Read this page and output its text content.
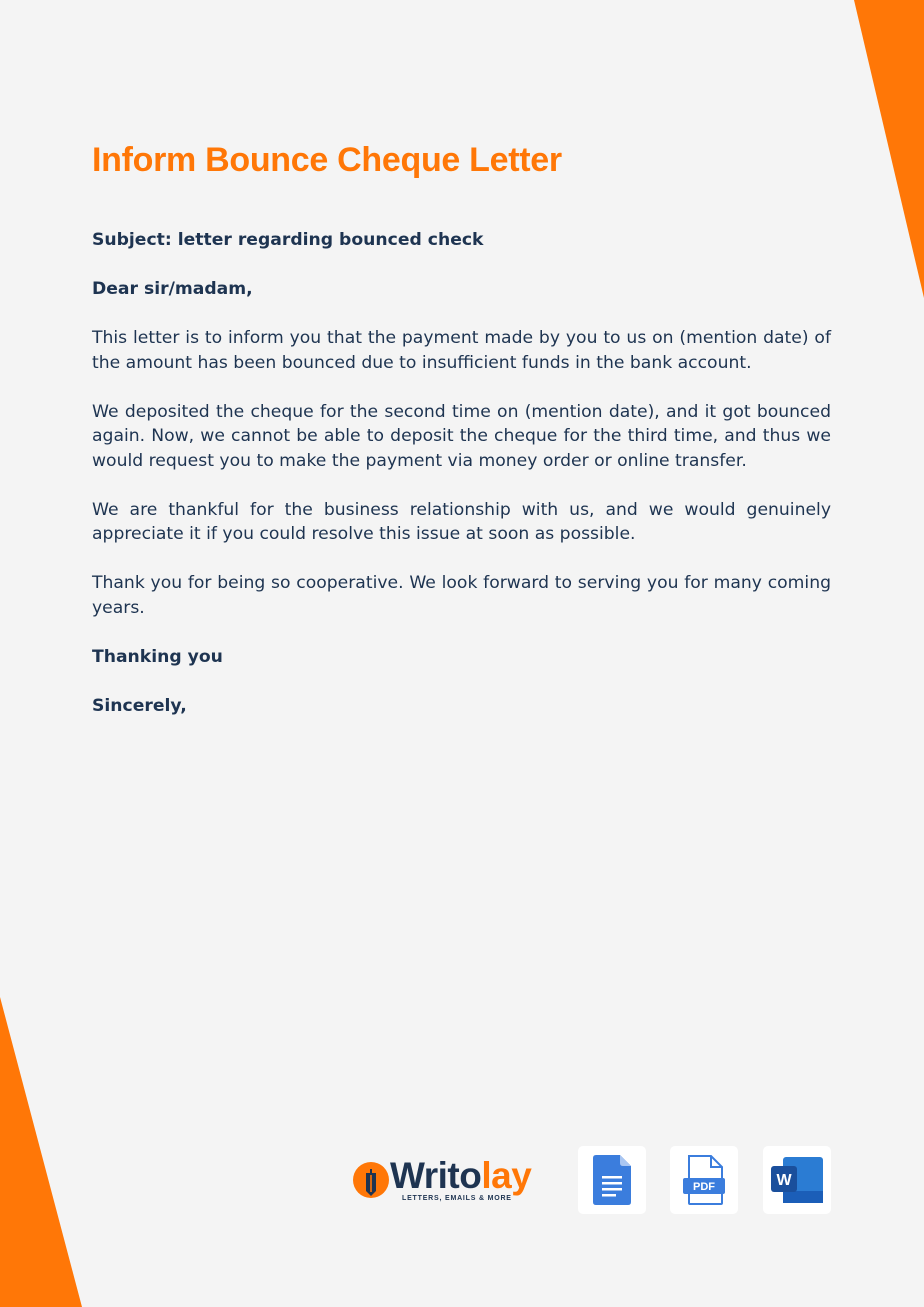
Inform Bounce Cheque Letter

Subject: letter regarding bounced check

Dear sir/madam,

This letter is to inform you that the payment made by you to us on (mention date) of the amount has been bounced due to insufficient funds in the bank account.

We deposited the cheque for the second time on (mention date), and it got bounced again. Now, we cannot be able to deposit the cheque for the third time, and thus we would request you to make the payment via money order or online transfer.

We are thankful for the business relationship with us, and we would genuinely appreciate it if you could resolve this issue at soon as possible.

Thank you for being so cooperative. We look forward to serving you for many coming years.

Thanking you

Sincerely,

Writolay
LETTERS, EMAILS & MORE
PDF	W
